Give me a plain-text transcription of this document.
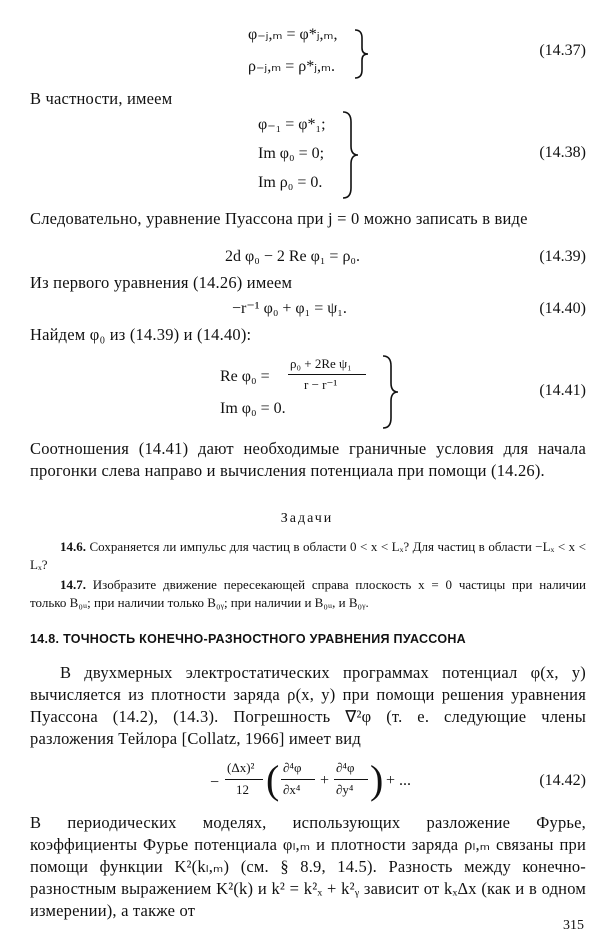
φ₋ⱼ,ₘ = φ*ⱼ,ₘ,
ρ₋ⱼ,ₘ = ρ*ⱼ,ₘ.
(14.37)
В частности, имеем
φ₋₁ = φ*₁;
Im φ₀ = 0;
Im ρ₀ = 0.
(14.38)
Следовательно, уравнение Пуассона при j = 0 можно записать в виде
2d φ₀ − 2 Re φ₁ = ρ₀.	(14.39)
Из первого уравнения (14.26) имеем
−r⁻¹ φ₀ + φ₁ = ψ₁.	(14.40)
Найдем φ₀ из (14.39) и (14.40):
Re φ₀ =
ρ₀ + 2Re ψ₁
r − r⁻¹
Im φ₀ = 0.
(14.41)
Соотношения (14.41) дают необходимые граничные условия для начала прогонки слева направо и вычисления потенциала при помощи (14.26).
Задачи
14.6. Сохраняется ли импульс для частиц в области 0 < x < Lₓ? Для частиц в области −Lₓ < x < Lₓ?
14.7. Изобразите движение пересекающей справа плоскость x = 0 частицы при наличии только B₀ᵤ; при наличии только B₀ᵧ; при наличии и B₀ᵤ, и B₀ᵧ.
14.8. ТОЧНОСТЬ КОНЕЧНО-РАЗНОСТНОГО УРАВНЕНИЯ ПУАССОНА
В двухмерных электростатических программах потенциал φ(x, y) вычисляется из плотности заряда ρ(x, y) при помощи решения уравнения Пуассона (14.2), (14.3). Погрешность ∇²φ (т. е. следующие члены разложения Тейлора [Collatz, 1966] имеет вид
−
(Δx)²
12 ( ∂⁴φ
∂x⁴
+
∂⁴φ
∂y⁴ ) + ...	(14.42)
В периодических моделях, использующих разложение Фурье, коэффициенты Фурье потенциала φₗ,ₘ и плотности заряда ρₗ,ₘ связаны при помощи функции K²(kₗ,ₘ) (см. § 8.9, 14.5). Разность между конечно-разностным выражением K²(k) и k² = k²ₓ + k²ᵧ зависит от kₓΔx (как и в одном измерении), а также от
315
